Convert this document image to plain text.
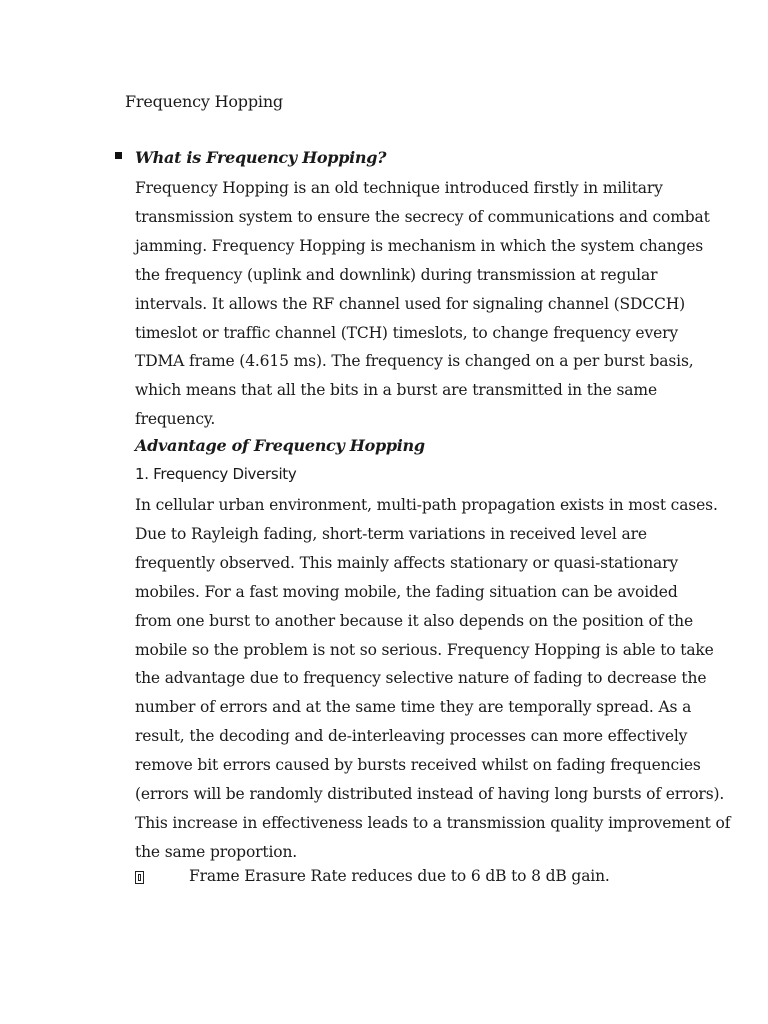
Frequency Hopping
What is Frequency Hopping?
Frequency Hopping is an old technique introduced firstly in military
transmission system to ensure the secrecy of communications and combat
jamming. Frequency Hopping is mechanism in which the system changes
the frequency (uplink and downlink) during transmission at regular
intervals. It allows the RF channel used for signaling channel (SDCCH)
timeslot or traffic channel (TCH) timeslots, to change frequency every
TDMA frame (4.615 ms). The frequency is changed on a per burst basis,
which means that all the bits in a burst are transmitted in the same
frequency.
Advantage of Frequency Hopping
1. Frequency Diversity
In cellular urban environment, multi-path propagation exists in most cases.
Due to Rayleigh fading, short-term variations in received level are
frequently observed. This mainly affects stationary or quasi-stationary
mobiles. For a fast moving mobile, the fading situation can be avoided
from one burst to another because it also depends on the position of the
mobile so the problem is not so serious. Frequency Hopping is able to take
the advantage due to frequency selective nature of fading to decrease the
number of errors and at the same time they are temporally spread. As a
result, the decoding and de-interleaving processes can more effectively
remove bit errors caused by bursts received whilst on fading frequencies
(errors will be randomly distributed instead of having long bursts of errors).
This increase in effectiveness leads to a transmission quality improvement of
the same proportion.
Frame Erasure Rate reduces due to 6 dB to 8 dB gain.
